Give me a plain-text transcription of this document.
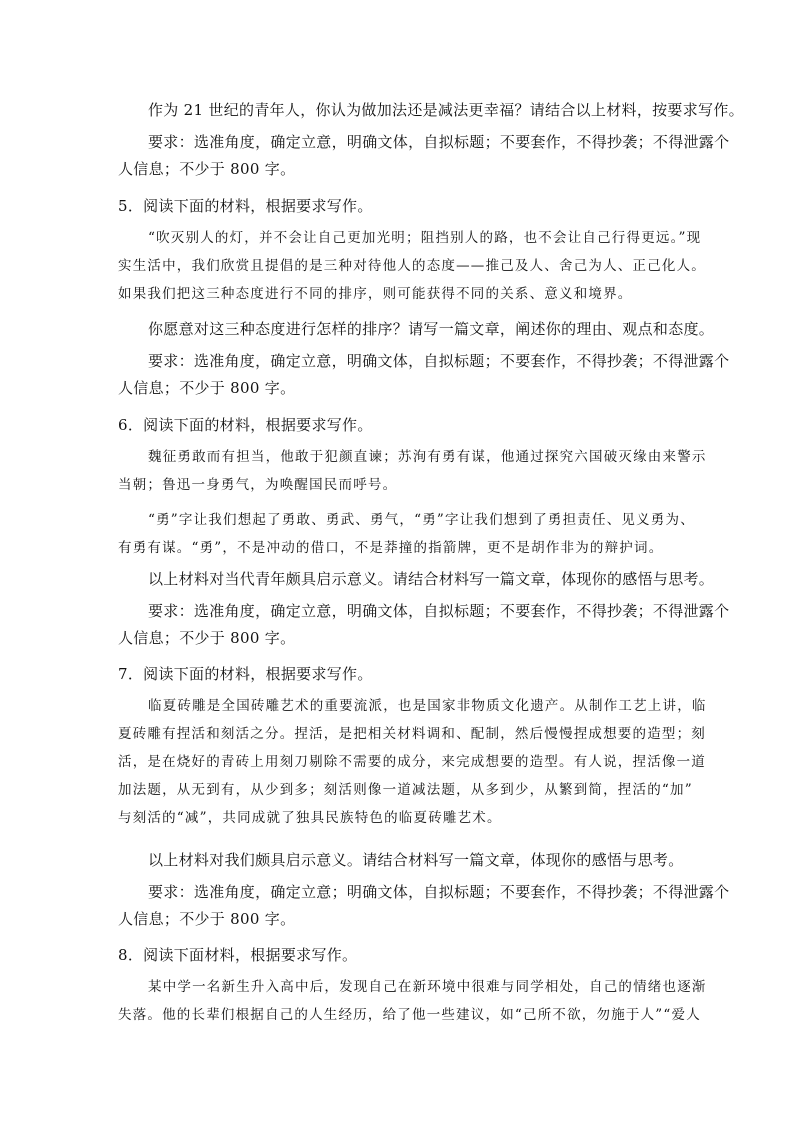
作为 21 世纪的青年人，你认为做加法还是减法更幸福？请结合以上材料，按要求写作。

要求：选准角度，确定立意，明确文体，自拟标题；不要套作，不得抄袭；不得泄露个
人信息；不少于 800 字。

5．阅读下面的材料，根据要求写作。

“吹灭别人的灯，并不会让自己更加光明；阻挡别人的路，也不会让自己行得更远。”现
实生活中，我们欣赏且提倡的是三种对待他人的态度——推己及人、舍己为人、正己化人。
如果我们把这三种态度进行不同的排序，则可能获得不同的关系、意义和境界。

你愿意对这三种态度进行怎样的排序？请写一篇文章，阐述你的理由、观点和态度。

要求：选准角度，确定立意，明确文体，自拟标题；不要套作，不得抄袭；不得泄露个
人信息；不少于 800 字。

6．阅读下面的材料，根据要求写作。

魏征勇敢而有担当，他敢于犯颜直谏；苏洵有勇有谋，他通过探究六国破灭缘由来警示
当朝；鲁迅一身勇气，为唤醒国民而呼号。

“勇”字让我们想起了勇敢、勇武、勇气，“勇”字让我们想到了勇担责任、见义勇为、
有勇有谋。“勇”，不是冲动的借口，不是莽撞的指箭牌，更不是胡作非为的辩护词。

以上材料对当代青年颇具启示意义。请结合材料写一篇文章，体现你的感悟与思考。

要求：选准角度，确定立意，明确文体，自拟标题；不要套作，不得抄袭；不得泄露个
人信息；不少于 800 字。

7．阅读下面的材料，根据要求写作。

临夏砖雕是全国砖雕艺术的重要流派，也是国家非物质文化遗产。从制作工艺上讲，临
夏砖雕有捏活和刻活之分。捏活，是把相关材料调和、配制，然后慢慢捏成想要的造型；刻
活，是在烧好的青砖上用刻刀剔除不需要的成分，来完成想要的造型。有人说，捏活像一道
加法题，从无到有，从少到多；刻活则像一道减法题，从多到少，从繁到简，捏活的“加”
与刻活的“减”，共同成就了独具民族特色的临夏砖雕艺术。

以上材料对我们颇具启示意义。请结合材料写一篇文章，体现你的感悟与思考。

要求：选准角度，确定立意；明确文体，自拟标题；不要套作，不得抄袭；不得泄露个
人信息；不少于 800 字。

8．阅读下面材料，根据要求写作。

某中学一名新生升入高中后，发现自己在新环境中很难与同学相处，自己的情绪也逐渐
失落。他的长辈们根据自己的人生经历，给了他一些建议，如“己所不欲，勿施于人”“爱人
